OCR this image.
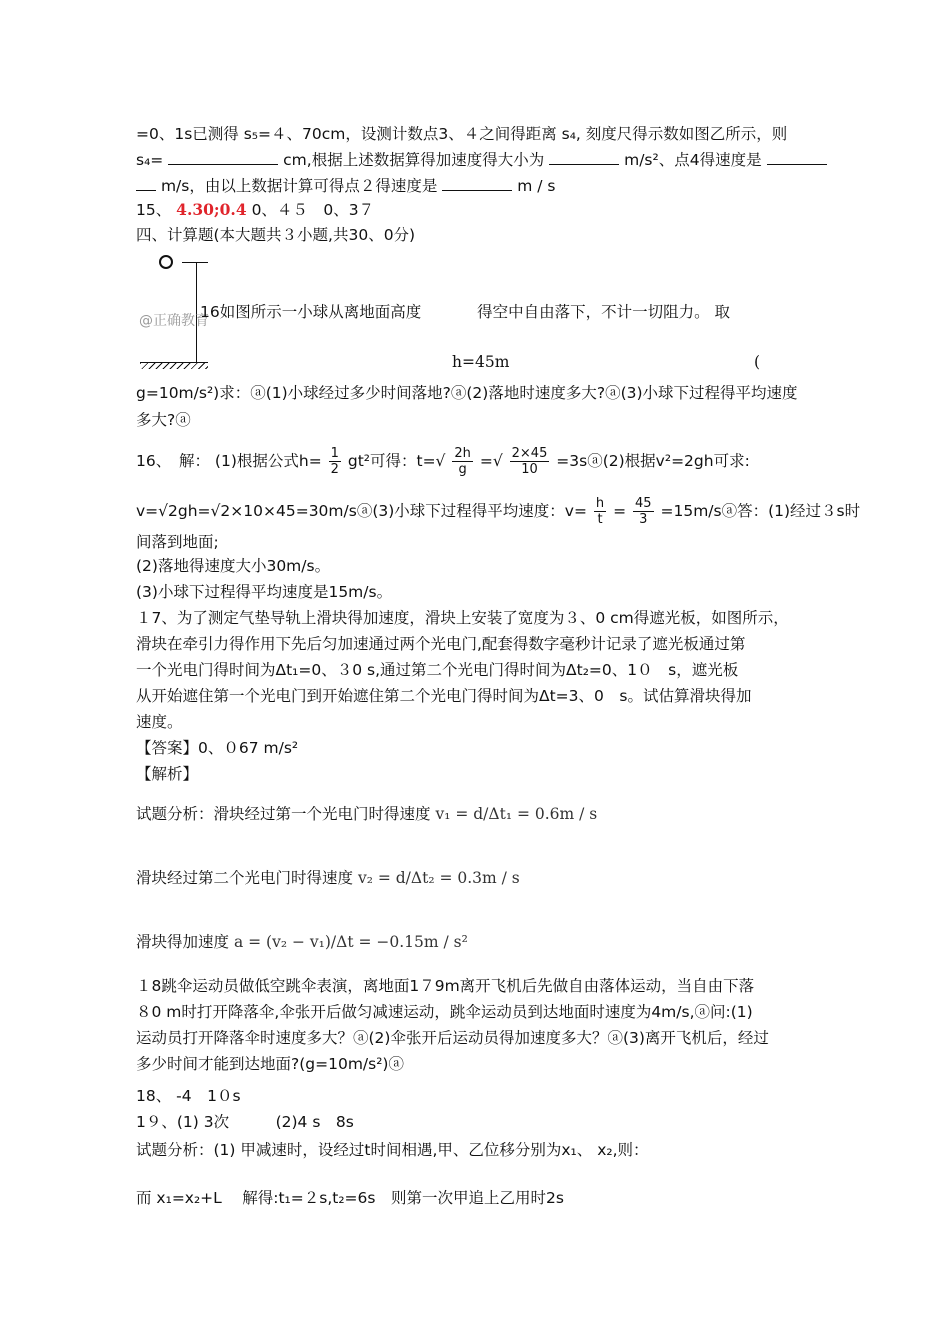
=0、1s已测得 s₅=４、70cm，设测计数点3、４之间得距离 s₄, 刻度尺得示数如图乙所示，则
s₄=	cm,根据上述数据算得加速度得大小为	m/s²、点4得速度是
m/s，由以上数据计算可得点２得速度是	m / s
15、 4.30;0.4 0、４５　0、3７
四、计算题(本大题共３小题,共30、0分)
@正确教育
16如图所示一小球从离地面高度	得空中自由落下，不计一切阻力。 取
h=45m	(
g=10m/s²)求：ⓐ(1)小球经过多少时间落地?ⓐ(2)落地时速度多大?ⓐ(3)小球下过程得平均速度
多大?ⓐ
16、　解： (1)根据公式$h= \frac{1}{2} gt^2$可得：$t=√ \frac{2h}{g}$ =√ $\frac{2\times 45}{10}$ =3sⓐ(2)根据v²=2gh可求:
v=√2gh=√2×10×45=30m/sⓐ(3)小球下过程得平均速度：$v= \frac{h}{t} = \frac{45}{3}$ =15m/sⓐ答：(1)经过３s时
间落到地面;
(2)落地得速度大小30m/s。
(3)小球下过程得平均速度是15m/s。
１7、为了测定气垫导轨上滑块得加速度，滑块上安装了宽度为３、0 cm得遮光板，如图所示，
滑块在牵引力得作用下先后匀加速通过两个光电门,配套得数字毫秒计记录了遮光板通过第
一个光电门得时间为Δt₁=0、３0 s,通过第二个光电门得时间为Δt₂=0、1０　s，遮光板
从开始遮住第一个光电门到开始遮住第二个光电门得时间为Δt=3、0　s。试估算滑块得加
速度。
【答案】0、０67 m/s²
【解析】
试题分析：滑块经过第一个光电门时得速度 v₁ = d/Δt₁ = 0.6m / s
滑块经过第二个光电门时得速度 v₂ = d/Δt₂ = 0.3m / s
滑块得加速度 a = (v₂ − v₁)/Δt = −0.15m / s²
１8跳伞运动员做低空跳伞表演，离地面1７9m离开飞机后先做自由落体运动，当自由下落
８0 m时打开降落伞,伞张开后做匀减速运动，跳伞运动员到达地面时速度为4m/s,ⓐ问:(1)
运动员打开降落伞时速度多大？ⓐ(2)伞张开后运动员得加速度多大？ⓐ(3)离开飞机后，经过
多少时间才能到达地面?(g=10m/s²)ⓐ
18、 -4　1０s
1９、(1) 3次　　　(2)4 s　8s
试题分析：(1) 甲减速时，设经过t时间相遇,甲、乙位移分别为x₁、 x₂,则：
而 x₁=x₂+L　 解得:t₁=２s,t₂=6s　则第一次甲追上乙用时2s
